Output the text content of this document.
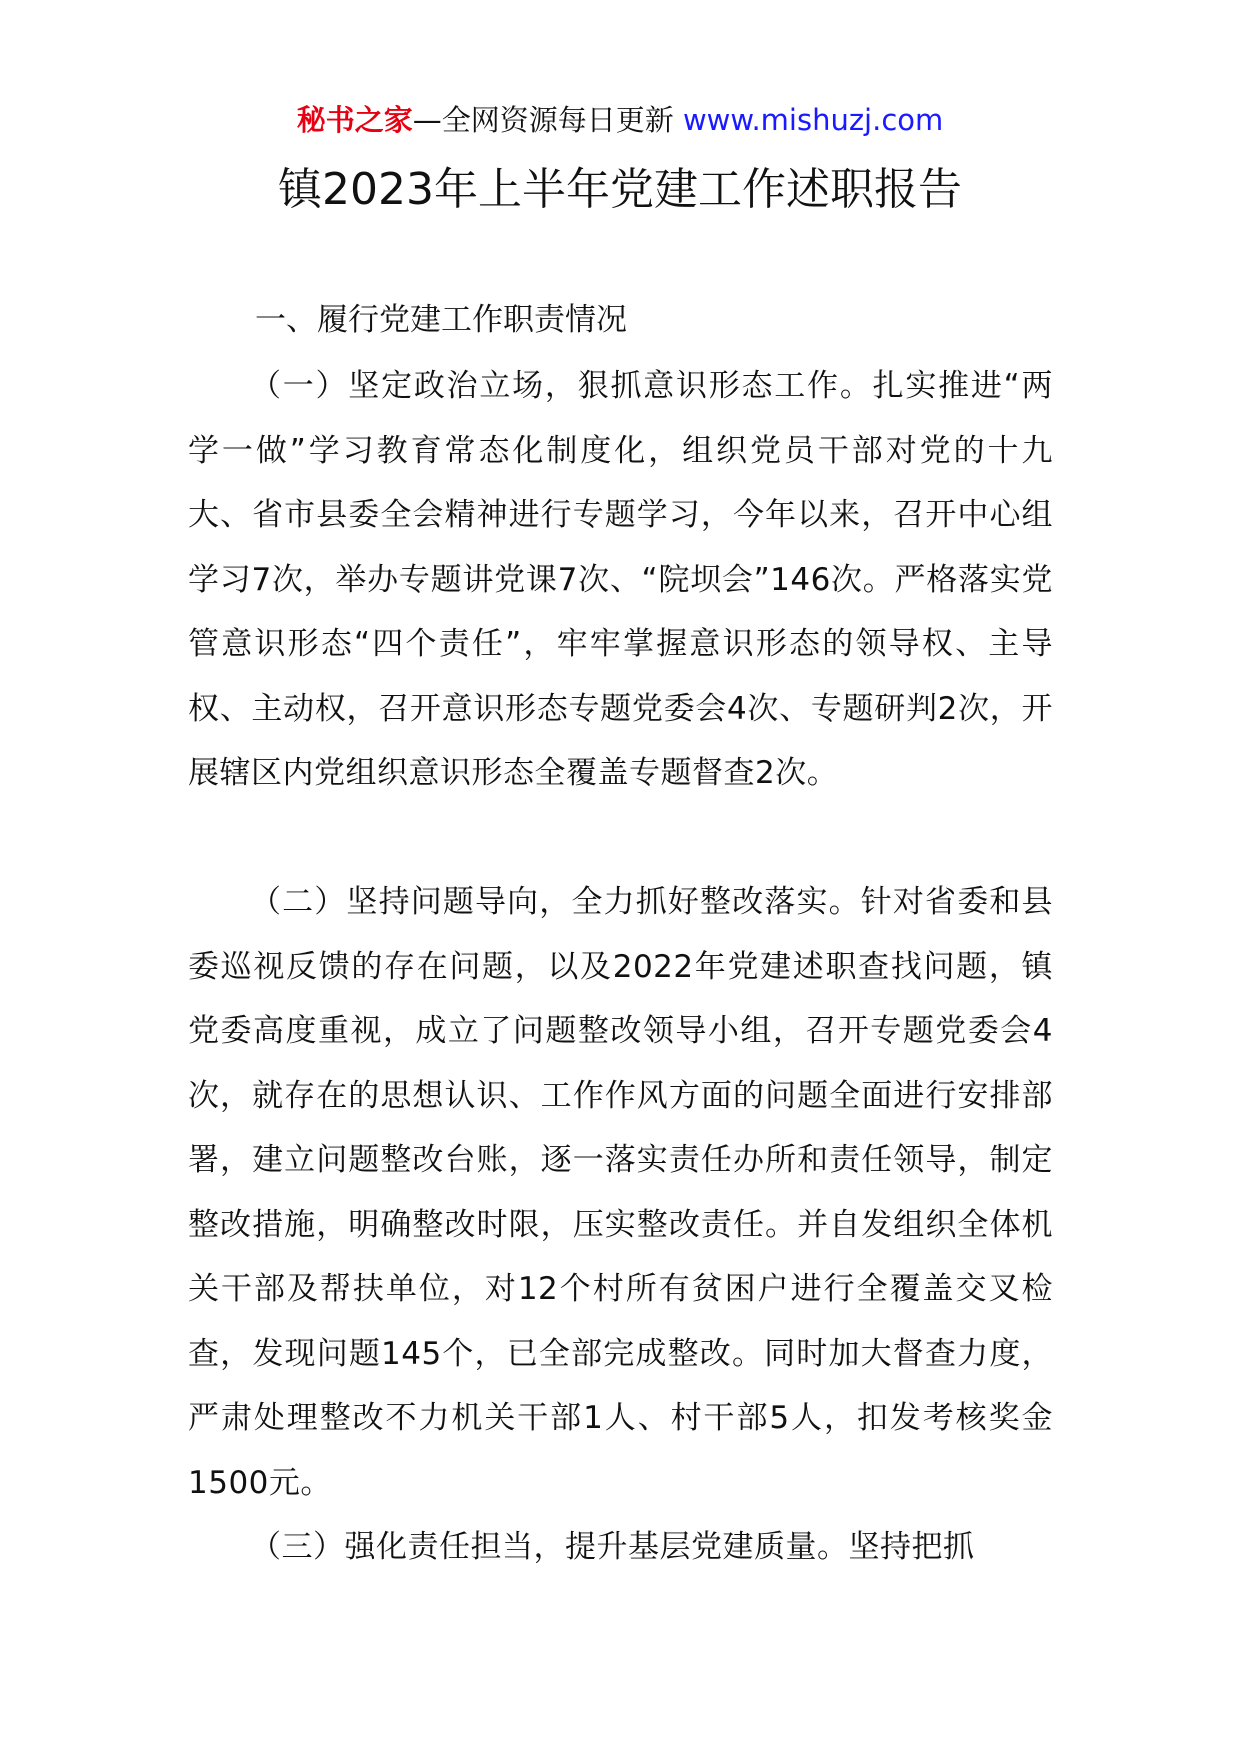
秘书之家—全网资源每日更新 www.mishuzj.com
镇2023年上半年党建工作述职报告
一、履行党建工作职责情况

（一）坚定政治立场，狠抓意识形态工作。扎实推进“两学一做”学习教育常态化制度化，组织党员干部对党的十九大、省市县委全会精神进行专题学习，今年以来，召开中心组学习7次，举办专题讲党课7次、“院坝会”146次。严格落实党管意识形态“四个责任”，牢牢掌握意识形态的领导权、主导权、主动权，召开意识形态专题党委会4次、专题研判2次，开展辖区内党组织意识形态全覆盖专题督查2次。

（二）坚持问题导向，全力抓好整改落实。针对省委和县委巡视反馈的存在问题，以及2022年党建述职查找问题，镇党委高度重视，成立了问题整改领导小组，召开专题党委会4次，就存在的思想认识、工作作风方面的问题全面进行安排部署，建立问题整改台账，逐一落实责任办所和责任领导，制定整改措施，明确整改时限，压实整改责任。并自发组织全体机关干部及帮扶单位，对12个村所有贫困户进行全覆盖交叉检查，发现问题145个，已全部完成整改。同时加大督查力度，严肃处理整改不力机关干部1人、村干部5人，扣发考核奖金1500元。

（三）强化责任担当，提升基层党建质量。坚持把抓
